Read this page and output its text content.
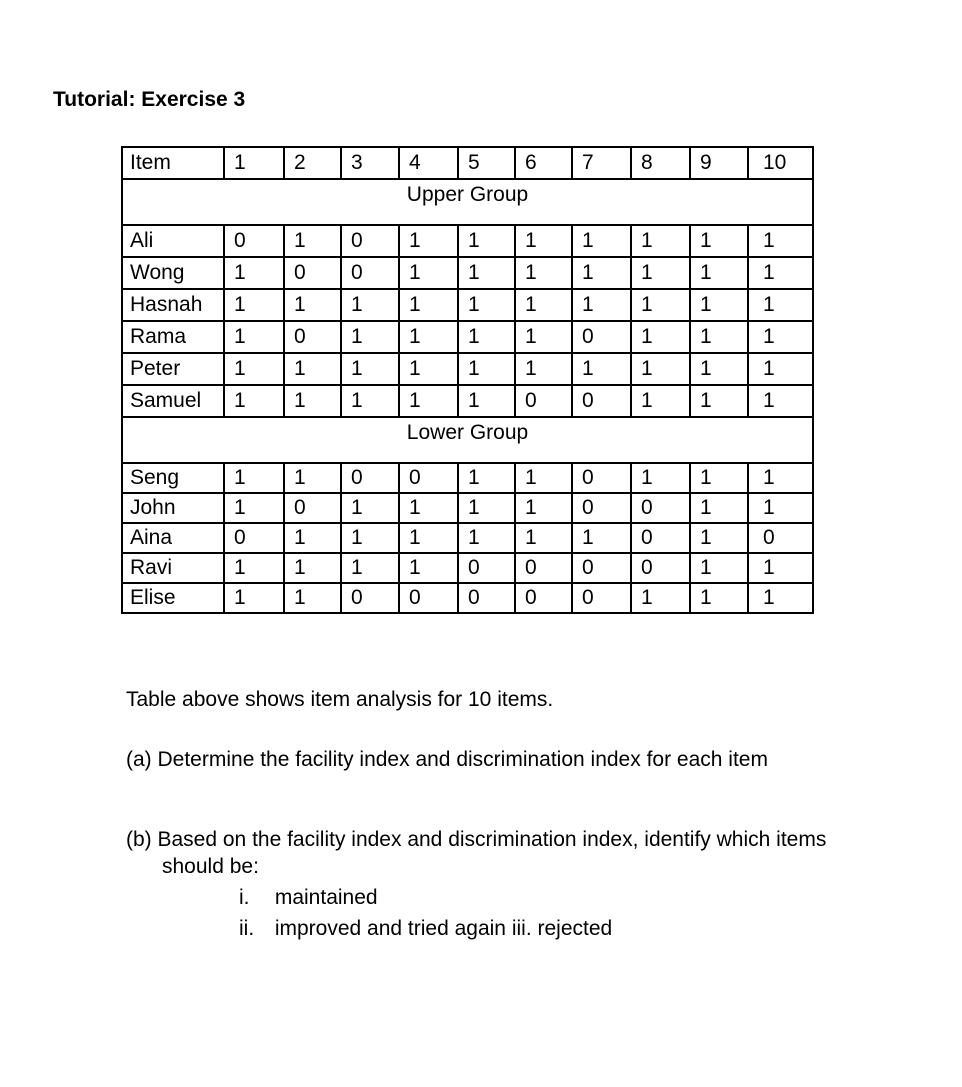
Tutorial: Exercise 3
Item	1	2	3	4	5	6	7	8	9	10
Upper Group										
Ali	0	1	0	1	1	1	1	1	1	1
Wong	1	0	0	1	1	1	1	1	1	1
Hasnah	1	1	1	1	1	1	1	1	1	1
Rama	1	0	1	1	1	1	0	1	1	1
Peter	1	1	1	1	1	1	1	1	1	1
Samuel	1	1	1	1	1	0	0	1	1	1
Lower Group										
Seng	1	1	0	0	1	1	0	1	1	1
John	1	0	1	1	1	1	0	0	1	1
Aina	0	1	1	1	1	1	1	0	1	0
Ravi	1	1	1	1	0	0	0	0	1	1
Elise	1	1	0	0	0	0	0	1	1	1
Table above shows item analysis for 10 items.
(a) Determine the facility index and discrimination index for each item
(b) Based on the facility index and discrimination index, identify which items
should be:
i. maintained
ii. improved and tried again iii. rejected
